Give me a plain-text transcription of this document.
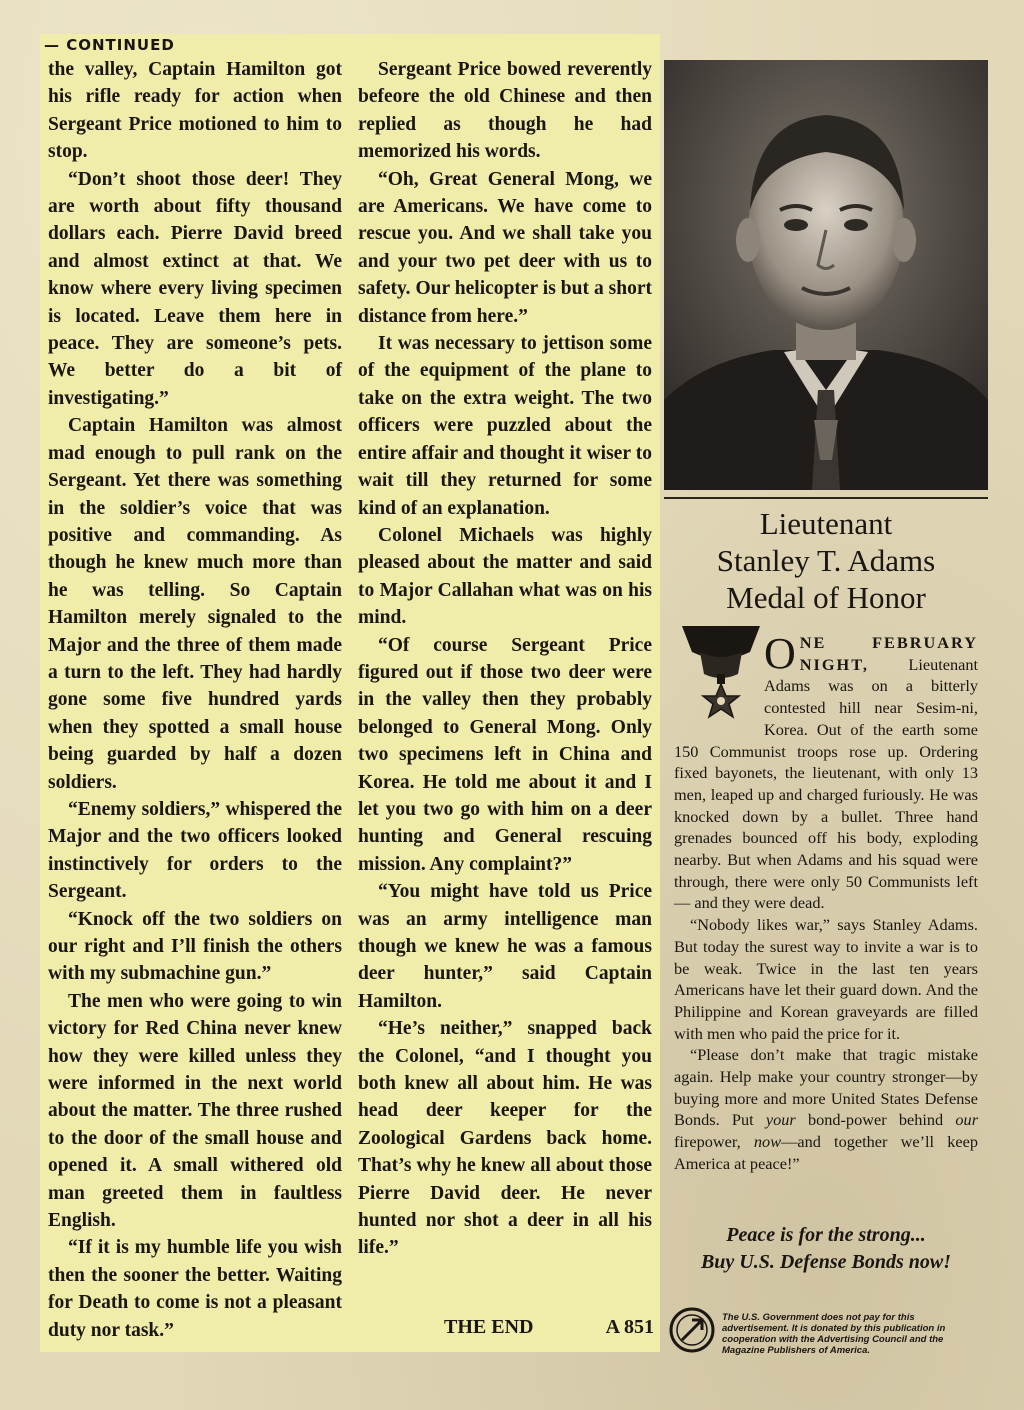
— CONTINUED

the valley, Captain Hamilton got his rifle ready for action when Sergeant Price motioned to him to stop.

“Don’t shoot those deer! They are worth about fifty thousand dollars each. Pierre David breed and almost extinct at that. We know where every living specimen is located. Leave them here in peace. They are someone’s pets. We better do a bit of investigating.”

Captain Hamilton was almost mad enough to pull rank on the Sergeant. Yet there was something in the soldier’s voice that was positive and commanding. As though he knew much more than he was telling. So Captain Hamilton merely signaled to the Major and the three of them made a turn to the left. They had hardly gone some five hundred yards when they spotted a small house being guarded by half a dozen soldiers.

“Enemy soldiers,” whispered the Major and the two officers looked instinctively for orders to the Sergeant.

“Knock off the two soldiers on our right and I’ll finish the others with my submachine gun.”

The men who were going to win victory for Red China never knew how they were killed unless they were informed in the next world about the matter. The three rushed to the door of the small house and opened it. A small withered old man greeted them in faultless English.

“If it is my humble life you wish then the sooner the better. Waiting for Death to come is not a pleasant duty nor task.”

Sergeant Price bowed reverently befeore the old Chinese and then replied as though he had memorized his words.

“Oh, Great General Mong, we are Americans. We have come to rescue you. And we shall take you and your two pet deer with us to safety. Our helicopter is but a short distance from here.”

It was necessary to jettison some of the equipment of the plane to take on the extra weight. The two officers were puzzled about the entire affair and thought it wiser to wait till they returned for some kind of an explanation.

Colonel Michaels was highly pleased about the matter and said to Major Callahan what was on his mind.

“Of course Sergeant Price figured out if those two deer were in the valley then they probably belonged to General Mong. Only two specimens left in China and Korea. He told me about it and I let you two go with him on a deer hunting and General rescuing mission. Any complaint?”

“You might have told us Price was an army intelligence man though we knew he was a famous deer hunter,” said Captain Hamilton.

“He’s neither,” snapped back the Colonel, “and I thought you both knew all about him. He was head deer keeper for the Zoological Gardens back home. That’s why he knew all about those Pierre David deer. He never hunted nor shot a deer in all his life.”

THE END	A 851
Lieutenant
Stanley T. Adams
Medal of Honor

O NE FEBRUARY NIGHT, Lieutenant Adams was on a bitterly contested hill near Sesim-ni, Korea. Out of the earth some 150 Communist troops rose up. Ordering fixed bayonets, the lieutenant, with only 13 men, leaped up and charged furiously. He was knocked down by a bullet. Three hand grenades bounced off his body, exploding nearby. But when Adams and his squad were through, there were only 50 Communists left — and they were dead.

“Nobody likes war,” says Stanley Adams. But today the surest way to invite a war is to be weak. Twice in the last ten years Americans have let their guard down. And the Philippine and Korean graveyards are filled with men who paid the price for it.

“Please don’t make that tragic mistake again. Help make your country stronger—by buying more and more United States Defense Bonds. Put your bond-power behind our firepower, now—and together we’ll keep America at peace!”

Peace is for the strong...
Buy U.S. Defense Bonds now!
The U.S. Government does not pay for this advertisement. It is donated by this publication in cooperation with the Advertising Council and the Magazine Publishers of America.
